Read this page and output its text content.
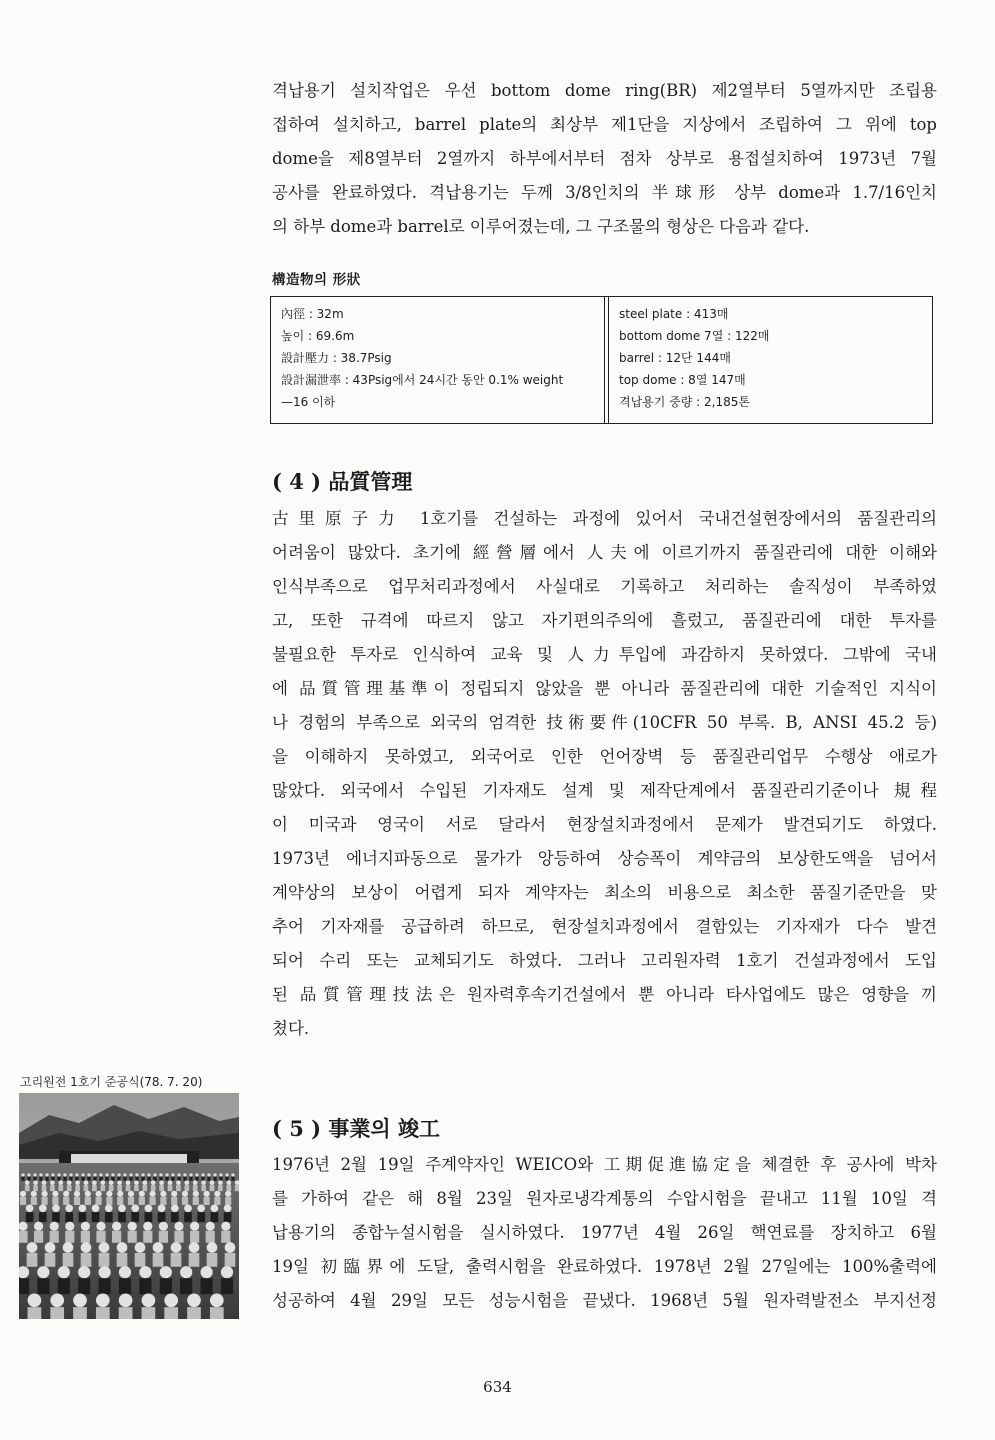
격납용기 설치작업은 우선 bottom dome ring(BR) 제2열부터 5열까지만 조립용
접하여 설치하고, barrel plate의 최상부 제1단을 지상에서 조립하여 그 위에 top
dome을 제8열부터 2열까지 하부에서부터 점차 상부로 용접설치하여 1973년 7월
공사를 완료하였다. 격납용기는 두께 3/8인치의 半球形 상부 dome과 1.7/16인치
의 하부 dome과 barrel로 이루어졌는데, 그 구조물의 형상은 다음과 같다.
構造物의 形狀
內徑 : 32m
높이 : 69.6m
設計壓力 : 38.7Psig
設計漏泄率 : 43Psig에서 24시간 동안 0.1% weight
—16 이하
steel plate : 413매
bottom dome 7열 : 122매
barrel : 12단 144매
top dome : 8열 147매
격납용기 중량 : 2,185톤
( 4 ) 品質管理
古里原子力 1호기를 건설하는 과정에 있어서 국내건설현장에서의 품질관리의
어려움이 많았다. 초기에 經營層에서 人夫에 이르기까지 품질관리에 대한 이해와
인식부족으로 업무처리과정에서 사실대로 기록하고 처리하는 솔직성이 부족하였
고, 또한 규격에 따르지 않고 자기편의주의에 흘렀고, 품질관리에 대한 투자를
불필요한 투자로 인식하여 교육 및 人力투입에 과감하지 못하였다. 그밖에 국내
에 品質管理基準이 정립되지 않았을 뿐 아니라 품질관리에 대한 기술적인 지식이
나 경험의 부족으로 외국의 엄격한 技術要件(10CFR 50 부록. B, ANSI 45.2 등)
을 이해하지 못하였고, 외국어로 인한 언어장벽 등 품질관리업무 수행상 애로가
많았다. 외국에서 수입된 기자재도 설계 및 제작단계에서 품질관리기준이나 規程
이 미국과 영국이 서로 달라서 현장설치과정에서 문제가 발견되기도 하였다.
1973년 에너지파동으로 물가가 앙등하여 상승폭이 계약금의 보상한도액을 넘어서
계약상의 보상이 어렵게 되자 계약자는 최소의 비용으로 최소한 품질기준만을 맞
추어 기자재를 공급하려 하므로, 현장설치과정에서 결함있는 기자재가 다수 발견
되어 수리 또는 교체되기도 하였다. 그러나 고리원자력 1호기 건설과정에서 도입
된 品質管理技法은 원자력후속기건설에서 뿐 아니라 타사업에도 많은 영향을 끼
쳤다.
( 5 ) 事業의 竣工
1976년 2월 19일 주계약자인 WEICO와 工期促進協定을 체결한 후 공사에 박차
를 가하여 같은 해 8월 23일 원자로냉각계통의 수압시험을 끝내고 11월 10일 격
납용기의 종합누설시험을 실시하였다. 1977년 4월 26일 핵연료를 장치하고 6월
19일 初臨界에 도달, 출력시험을 완료하였다. 1978년 2월 27일에는 100%출력에
성공하여 4월 29일 모든 성능시험을 끝냈다. 1968년 5월 원자력발전소 부지선정
고리원전 1호기 준공식(78. 7. 20)
634
